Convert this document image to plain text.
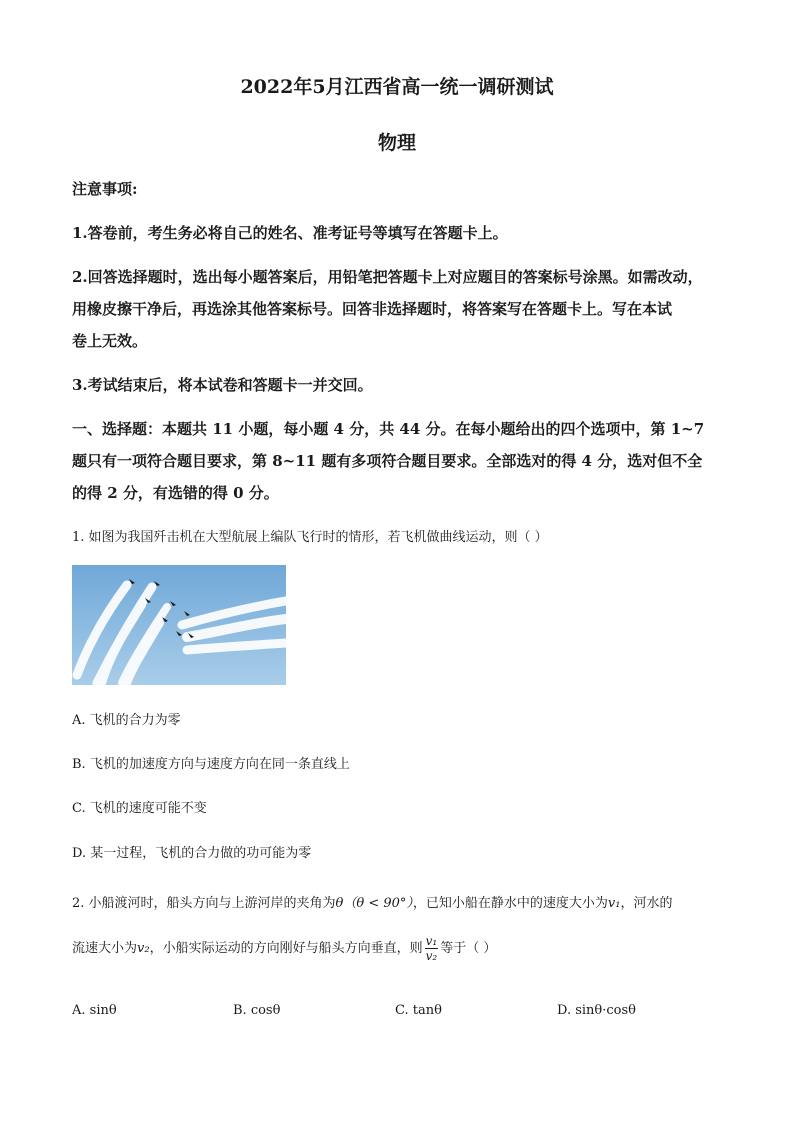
2022年5月江西省高一统一调研测试
物理
注意事项:
1.答卷前，考生务必将自己的姓名、准考证号等填写在答题卡上。
2.回答选择题时，选出每小题答案后，用铅笔把答题卡上对应题目的答案标号涂黑。如需改动，
用橡皮擦干净后，再选涂其他答案标号。回答非选择题时，将答案写在答题卡上。写在本试
卷上无效。
3.考试结束后，将本试卷和答题卡一并交回。
一、选择题：本题共 11 小题，每小题 4 分，共 44 分。在每小题给出的四个选项中，第 1~7
题只有一项符合题目要求，第 8~11 题有多项符合题目要求。全部选对的得 4 分，选对但不全
的得 2 分，有选错的得 0 分。
1. 如图为我国歼击机在大型航展上编队飞行时的情形，若飞机做曲线运动，则（ ）
A. 飞机的合力为零
B. 飞机的加速度方向与速度方向在同一条直线上
C. 飞机的速度可能不变
D. 某一过程，飞机的合力做的功可能为零
2. 小船渡河时，船头方向与上游河岸的夹角为θ（θ < 90°），已知小船在静水中的速度大小为v₁，河水的
流速大小为v₂，小船实际运动的方向刚好与船头方向垂直，则 $\frac{\text{v₁}}{\text{v₂}}$ 等于（ ）
A. sinθ	B. cosθ	C. tanθ	D. sinθ·cosθ
